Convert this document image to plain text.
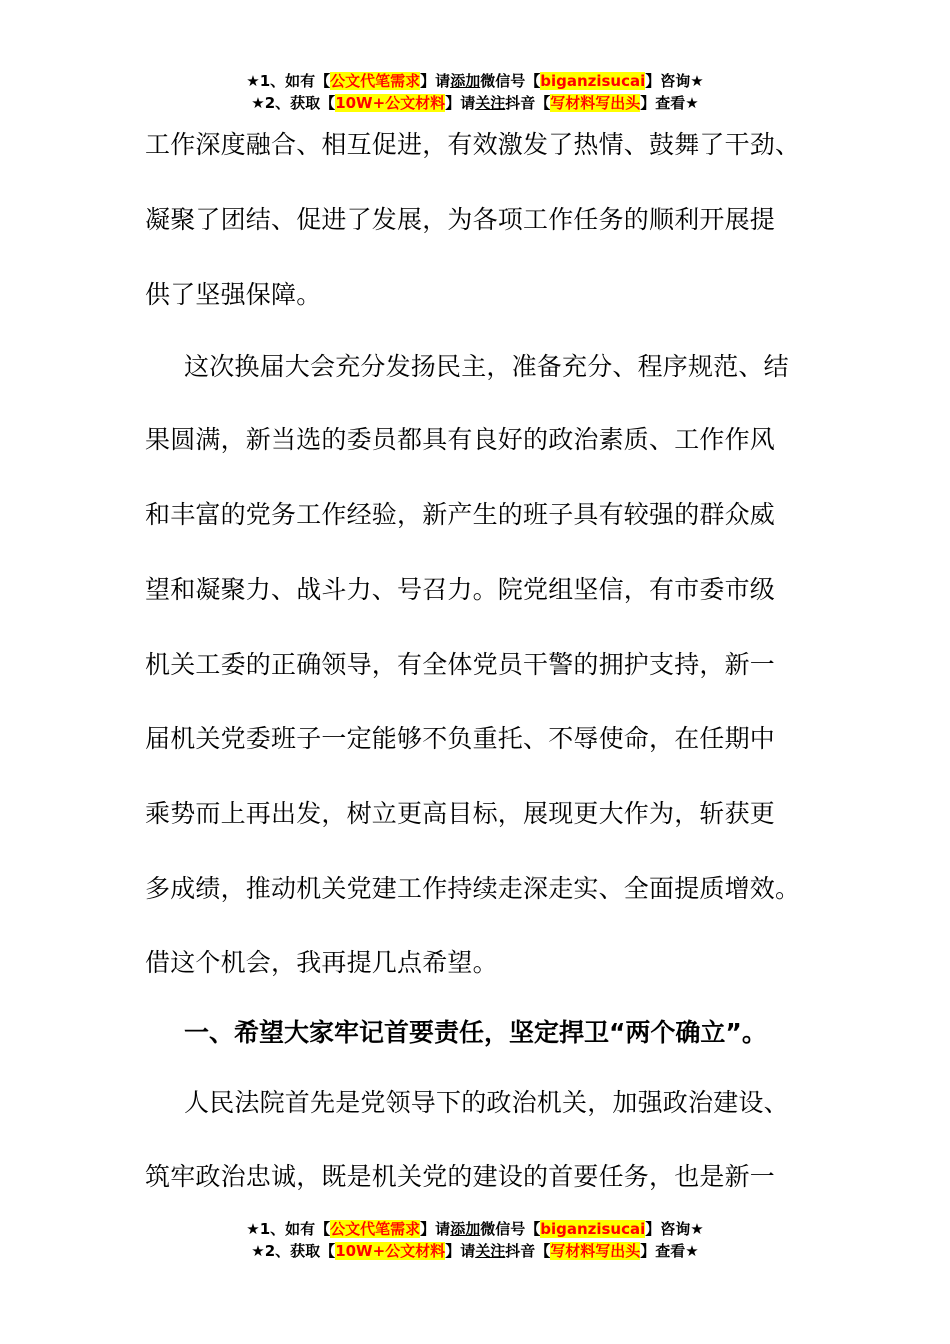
★1、如有【公文代笔需求】请添加微信号【biganzisucai】咨询★
★2、获取【10W+公文材料】请关注抖音【写材料写出头】查看★
工作深度融合、相互促进，有效激发了热情、鼓舞了干劲、
凝聚了团结、促进了发展，为各项工作任务的顺利开展提
供了坚强保障。
这次换届大会充分发扬民主，准备充分、程序规范、结
果圆满，新当选的委员都具有良好的政治素质、工作作风
和丰富的党务工作经验，新产生的班子具有较强的群众威
望和凝聚力、战斗力、号召力。院党组坚信，有市委市级
机关工委的正确领导，有全体党员干警的拥护支持，新一
届机关党委班子一定能够不负重托、不辱使命，在任期中
乘势而上再出发，树立更高目标，展现更大作为，斩获更
多成绩，推动机关党建工作持续走深走实、全面提质增效。
借这个机会，我再提几点希望。
一、希望大家牢记首要责任，坚定捍卫“两个确立”。
人民法院首先是党领导下的政治机关，加强政治建设、
筑牢政治忠诚，既是机关党的建设的首要任务，也是新一
★1、如有【公文代笔需求】请添加微信号【biganzisucai】咨询★
★2、获取【10W+公文材料】请关注抖音【写材料写出头】查看★
